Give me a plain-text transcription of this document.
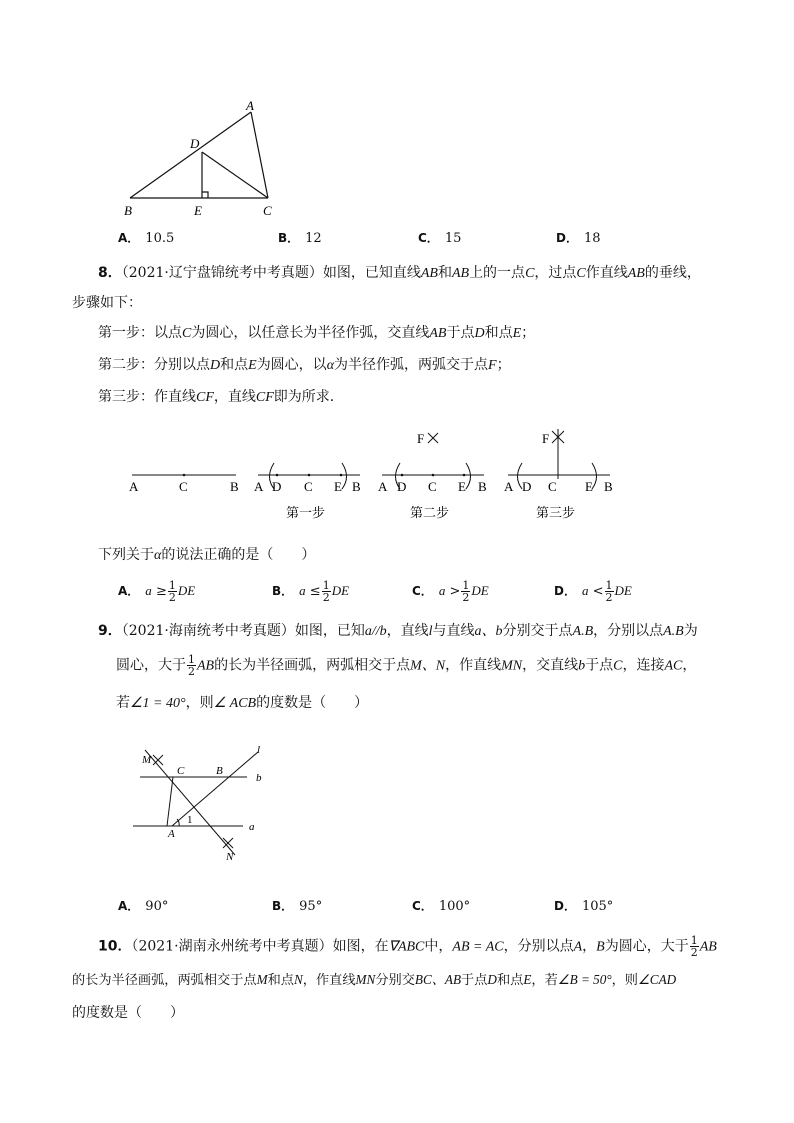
A
D
B	E	C
A． 10.5	B． 12	C． 15	D． 18
8．（2021·辽宁盘锦统考中考真题）如图，已知直线AB和AB上的一点C，过点C作直线AB的垂线，
步骤如下：
第一步：以点C为圆心，以任意长为半径作弧，交直线AB于点D和点E；
第二步：分别以点D和点E为圆心，以α为半径作弧，两弧交于点F；
第三步：作直线CF，直线CF即为所求．
A	C	B A D C E B
F
A D C E B
F
A D C E B
第一步	第二步	第三步
下列关于α的说法正确的是（　　）
A． $a \ge \frac{1}{2}$ DE	B． $a \le \frac{1}{2}$ DE	C． $a > \frac{1}{2}$ DE	D． $a < \frac{1}{2}$ DE
9．（2021·海南统考中考真题）如图，已知a//b，直线l与直线a、b分别交于点A.B，分别以点A.B为
圆心，大于 $\frac{1}{2}$ AB的长为半径画弧，两弧相交于点M、N，作直线MN，交直线b于点C，连接AC，
若∠1 = 40°，则∠ ACB的度数是（　　）
M
C	B
l
b
A
1
a
N
A． 90°	B． 95°	C． 100°	D． 105°
10．（2021·湖南永州统考中考真题）如图，在∇ABC中，AB = AC，分别以点A，B为圆心，大于 $\frac{1}{2}$ AB
的长为半径画弧，两弧相交于点M和点N，作直线MN分别交BC、AB于点D和点E，若∠B = 50°，则∠CAD
的度数是（　　）
